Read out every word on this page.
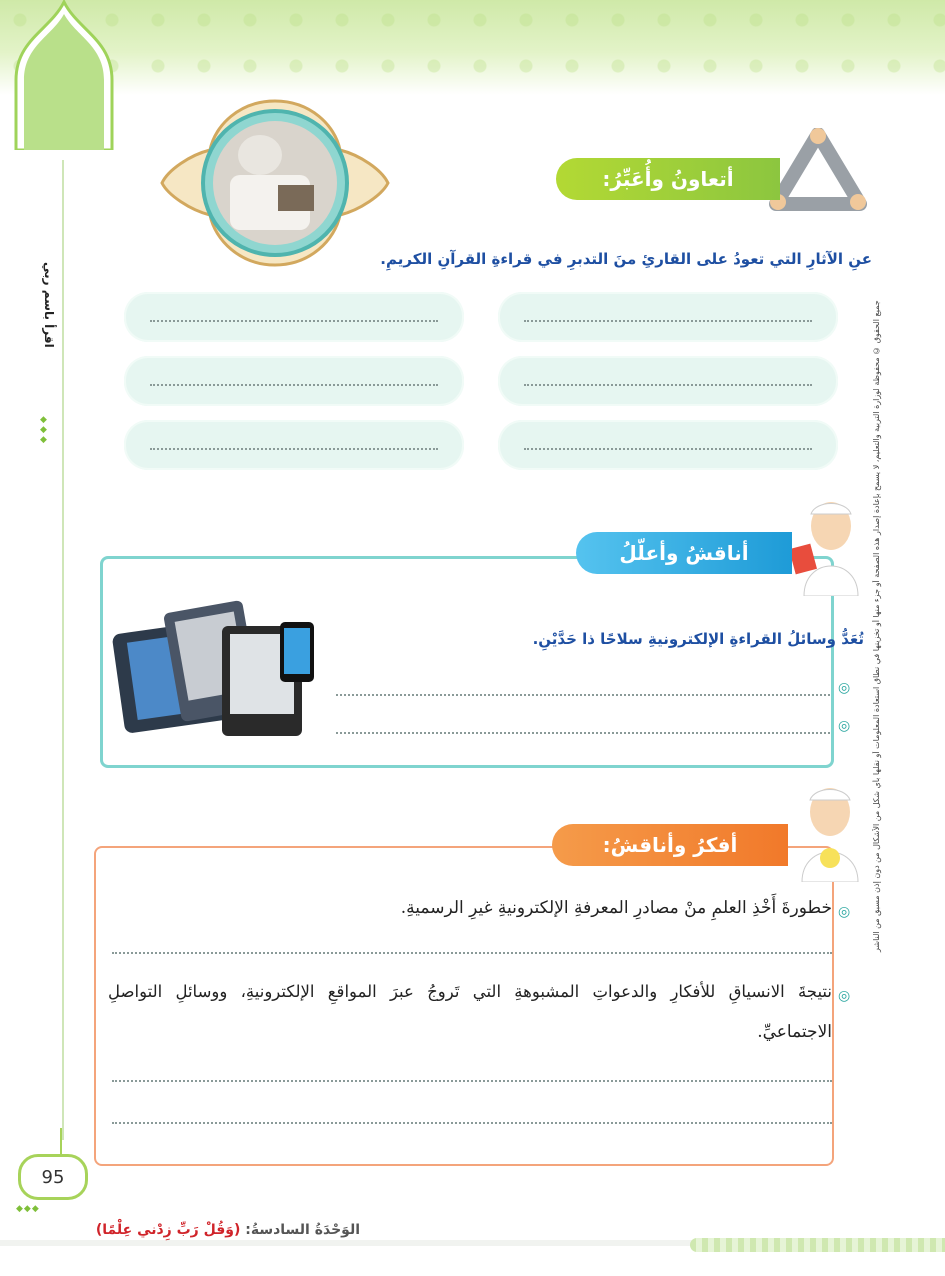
اقرأ باسم ربي
◆
◆
◆
◆◆◆
جميع الحقوق © محفوظة لوزارة التربية والتعليم، لا يسمح بإعادة إصدار هذه الصفحة أو جزء منها أو تخزينها في نطاق استعادة المعلومات أو نقلها بأي شكل من الأشكال من دون إذن مسبق من الناشر
أتعاونُ وأُعَبِّرُ:
عنِ الآثارِ التي تعودُ على القارئِ منَ التدبرِ في قراءةِ القرآنِ الكريمِ.
أناقشُ وأعلّلُ
تُعَدُّ وسائلُ القراءةِ الإلكترونيةِ سلاحًا ذا حَدَّيْنِ.
◎
◎
أفكرُ وأناقشُ:
◎
خطورةَ أَخْذِ العلمِ منْ مصادرِ المعرفةِ الإلكترونيةِ غيرِ الرسميةِ.
◎
نتيجةَ الانسياقِ للأفكارِ والدعواتِ المشبوهةِ التي تَروجُ عبرَ المواقعِ الإلكترونيةِ، ووسائلِ التواصلِ
الاجتماعيِّ.
95
الوَحْدَةُ السادسةُ: (وَقُلْ رَبِّ زِدْني عِلْمًا)
